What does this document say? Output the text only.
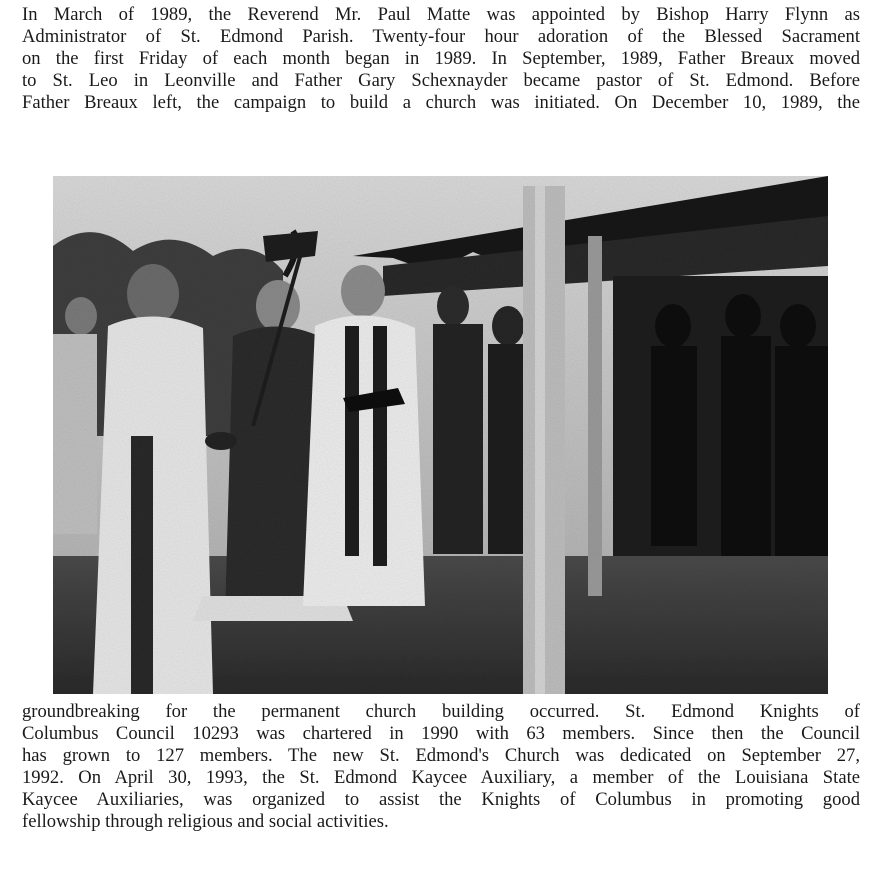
In March of 1989, the Reverend Mr. Paul Matte was appointed by Bishop Harry Flynn as
Administrator of St. Edmond Parish. Twenty-four hour adoration of the Blessed Sacrament
on the first Friday of each month began in 1989. In September, 1989, Father Breaux moved
to St. Leo in Leonville and Father Gary Schexnayder became pastor of St. Edmond. Before
Father Breaux left, the campaign to build a church was initiated. On December 10, 1989, the
groundbreaking for the permanent church building occurred. St. Edmond Knights of
Columbus Council 10293 was chartered in 1990 with 63 members. Since then the Council
has grown to 127 members. The new St. Edmond's Church was dedicated on September 27,
1992. On April 30, 1993, the St. Edmond Kaycee Auxiliary, a member of the Louisiana State
Kaycee Auxiliaries, was organized to assist the Knights of Columbus in promoting good
fellowship through religious and social activities.
